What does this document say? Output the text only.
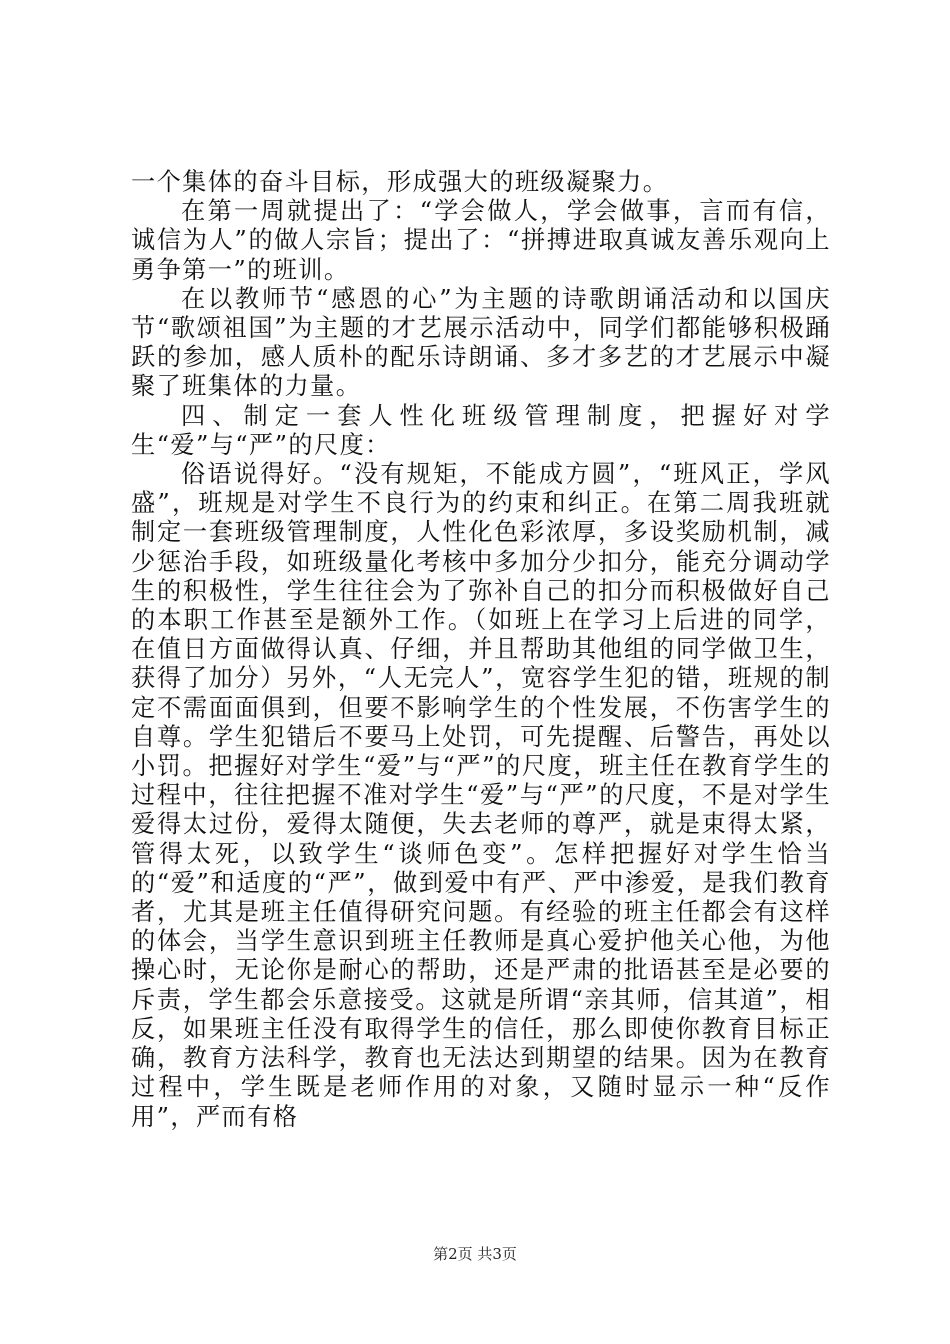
一个集体的奋斗目标，形成强大的班级凝聚力。

在第一周就提出了：“学会做人，学会做事，言而有信，诚信为人”的做人宗旨；提出了：“拼搏进取真诚友善乐观向上勇争第一”的班训。

在以教师节“感恩的心”为主题的诗歌朗诵活动和以国庆节“歌颂祖国”为主题的才艺展示活动中，同学们都能够积极踊跃的参加，感人质朴的配乐诗朗诵、多才多艺的才艺展示中凝聚了班集体的力量。

四、制定一套人性化班级管理制度，把握好对学生“爱”与“严”的尺度：

俗语说得好。“没有规矩，不能成方圆”，“班风正，学风盛”，班规是对学生不良行为的约束和纠正。在第二周我班就制定一套班级管理制度，人性化色彩浓厚，多设奖励机制，减少惩治手段，如班级量化考核中多加分少扣分，能充分调动学生的积极性，学生往往会为了弥补自己的扣分而积极做好自己的本职工作甚至是额外工作。（如班上在学习上后进的同学，在值日方面做得认真、仔细，并且帮助其他组的同学做卫生，获得了加分）另外，“人无完人”，宽容学生犯的错，班规的制定不需面面俱到，但要不影响学生的个性发展，不伤害学生的自尊。学生犯错后不要马上处罚，可先提醒、后警告，再处以小罚。把握好对学生“爱”与“严”的尺度，班主任在教育学生的过程中，往往把握不准对学生“爱”与“严”的尺度，不是对学生爱得太过份，爱得太随便，失去老师的尊严，就是束得太紧，管得太死，以致学生“谈师色变”。怎样把握好对学生恰当的“爱”和适度的“严”，做到爱中有严、严中渗爱，是我们教育者，尤其是班主任值得研究问题。有经验的班主任都会有这样的体会，当学生意识到班主任教师是真心爱护他关心他，为他操心时，无论你是耐心的帮助，还是严肃的批语甚至是必要的斥责，学生都会乐意接受。这就是所谓“亲其师，信其道”，相反，如果班主任没有取得学生的信任，那么即使你教育目标正确，教育方法科学，教育也无法达到期望的结果。因为在教育过程中，学生既是老师作用的对象，又随时显示一种“反作用”，严而有格

第2页 共3页
